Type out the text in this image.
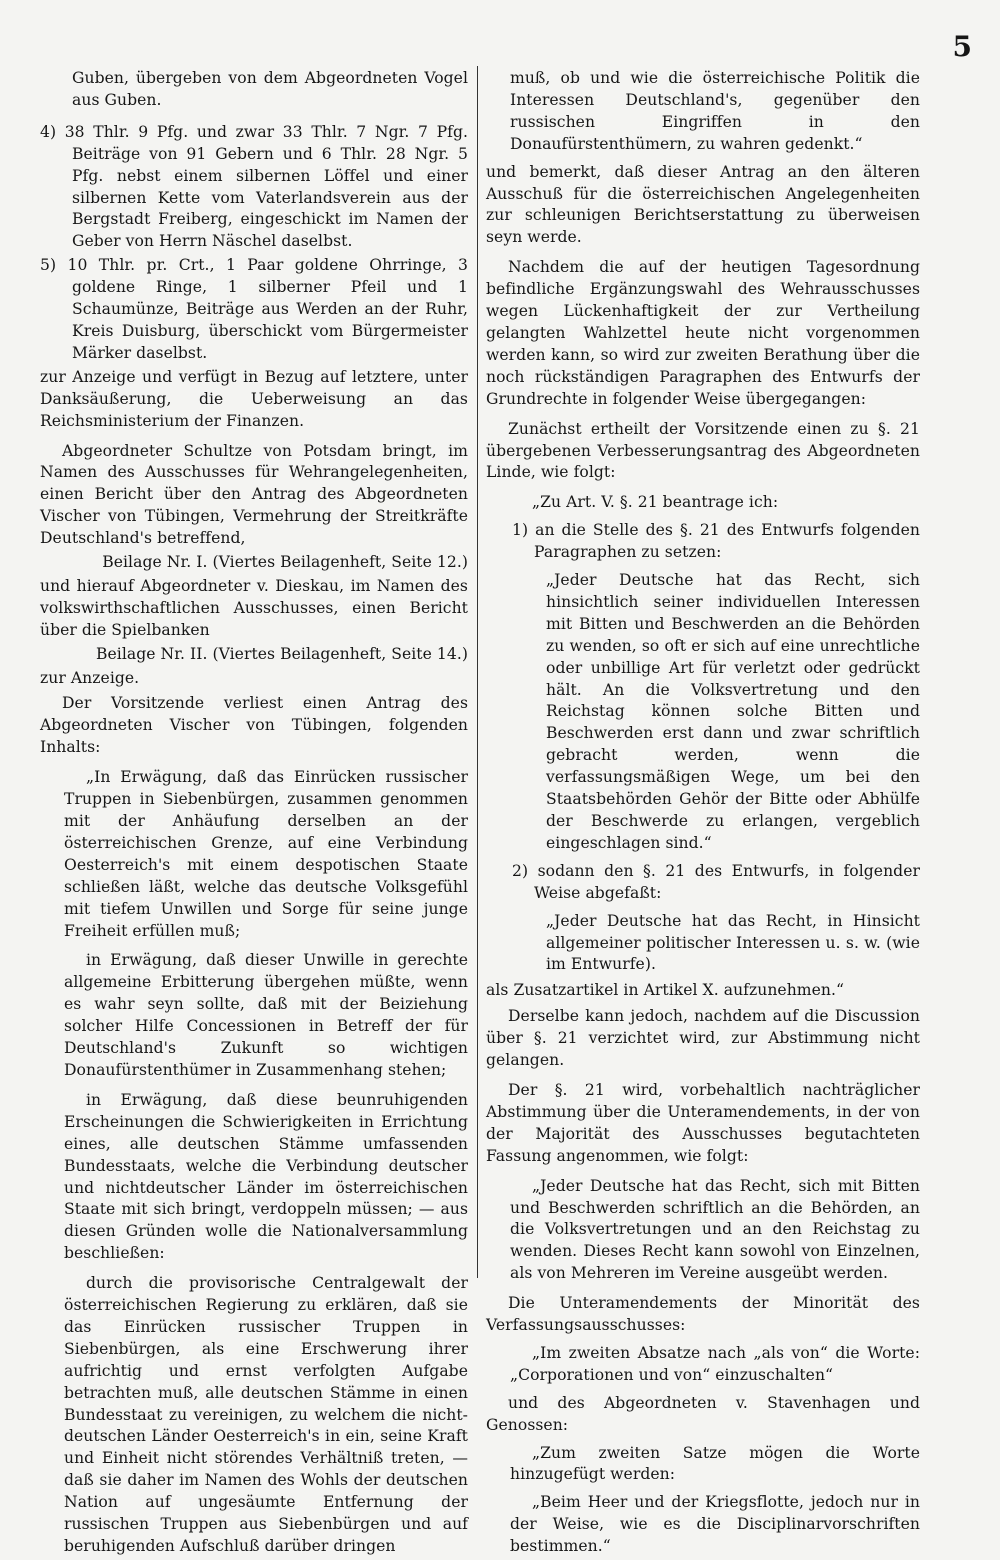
5

Guben, übergeben von dem Abgeordneten Vogel aus Guben.

4) 38 Thlr. 9 Pfg. und zwar 33 Thlr. 7 Ngr. 7 Pfg. Beiträge von 91 Gebern und 6 Thlr. 28 Ngr. 5 Pfg. nebst einem silbernen Löffel und einer silbernen Kette vom Vaterlandsverein aus der Bergstadt Freiberg, eingeschickt im Namen der Geber von Herrn Näschel daselbst.

5) 10 Thlr. pr. Crt., 1 Paar goldene Ohrringe, 3 goldene Ringe, 1 silberner Pfeil und 1 Schaumünze, Beiträge aus Werden an der Ruhr, Kreis Duisburg, überschickt vom Bürgermeister Märker daselbst.

zur Anzeige und verfügt in Bezug auf letztere, unter Danksäußerung, die Ueberweisung an das Reichsministerium der Finanzen.

Abgeordneter Schultze von Potsdam bringt, im Namen des Ausschusses für Wehrangelegenheiten, einen Bericht über den Antrag des Abgeordneten Vischer von Tübingen, Vermehrung der Streitkräfte Deutschland's betreffend,

Beilage Nr. I. (Viertes Beilagenheft, Seite 12.)

und hierauf Abgeordneter v. Dieskau, im Namen des volkswirthschaftlichen Ausschusses, einen Bericht über die Spielbanken

Beilage Nr. II. (Viertes Beilagenheft, Seite 14.)

zur Anzeige.

Der Vorsitzende verliest einen Antrag des Abgeordneten Vischer von Tübingen, folgenden Inhalts:

„In Erwägung, daß das Einrücken russischer Truppen in Siebenbürgen, zusammen genommen mit der Anhäufung derselben an der österreichischen Grenze, auf eine Verbindung Oesterreich's mit einem despotischen Staate schließen läßt, welche das deutsche Volksgefühl mit tiefem Unwillen und Sorge für seine junge Freiheit erfüllen muß;

in Erwägung, daß dieser Unwille in gerechte allgemeine Erbitterung übergehen müßte, wenn es wahr seyn sollte, daß mit der Beiziehung solcher Hilfe Concessionen in Betreff der für Deutschland's Zukunft so wichtigen Donaufürstenthümer in Zusammenhang stehen;

in Erwägung, daß diese beunruhigenden Erscheinungen die Schwierigkeiten in Errichtung eines, alle deutschen Stämme umfassenden Bundesstaats, welche die Verbindung deutscher und nichtdeutscher Länder im österreichischen Staate mit sich bringt, verdoppeln müssen; — aus diesen Gründen wolle die Nationalversammlung beschließen:

durch die provisorische Centralgewalt der österreichischen Regierung zu erklären, daß sie das Einrücken russischer Truppen in Siebenbürgen, als eine Erschwerung ihrer aufrichtig und ernst verfolgten Aufgabe betrachten muß, alle deutschen Stämme in einen Bundesstaat zu vereinigen, zu welchem die nicht-deutschen Länder Oesterreich's in ein, seine Kraft und Einheit nicht störendes Verhältniß treten, — daß sie daher im Namen des Wohls der deutschen Nation auf ungesäumte Entfernung der russischen Truppen aus Siebenbürgen und auf beruhigenden Aufschluß darüber dringen

muß, ob und wie die österreichische Politik die Interessen Deutschland's, gegenüber den russischen Eingriffen in den Donaufürstenthümern, zu wahren gedenkt.“

und bemerkt, daß dieser Antrag an den älteren Ausschuß für die österreichischen Angelegenheiten zur schleunigen Berichtserstattung zu überweisen seyn werde.

Nachdem die auf der heutigen Tagesordnung befindliche Ergänzungswahl des Wehrausschusses wegen Lückenhaftigkeit der zur Vertheilung gelangten Wahlzettel heute nicht vorgenommen werden kann, so wird zur zweiten Berathung über die noch rückständigen Paragraphen des Entwurfs der Grundrechte in folgender Weise übergegangen:

Zunächst ertheilt der Vorsitzende einen zu §. 21 übergebenen Verbesserungsantrag des Abgeordneten Linde, wie folgt:

„Zu Art. V. §. 21 beantrage ich:

1) an die Stelle des §. 21 des Entwurfs folgenden Paragraphen zu setzen:

„Jeder Deutsche hat das Recht, sich hinsichtlich seiner individuellen Interessen mit Bitten und Beschwerden an die Behörden zu wenden, so oft er sich auf eine unrechtliche oder unbillige Art für verletzt oder gedrückt hält. An die Volksvertretung und den Reichstag können solche Bitten und Beschwerden erst dann und zwar schriftlich gebracht werden, wenn die verfassungsmäßigen Wege, um bei den Staatsbehörden Gehör der Bitte oder Abhülfe der Beschwerde zu erlangen, vergeblich eingeschlagen sind.“

2) sodann den §. 21 des Entwurfs, in folgender Weise abgefaßt:

„Jeder Deutsche hat das Recht, in Hinsicht allgemeiner politischer Interessen u. s. w. (wie im Entwurfe).

als Zusatzartikel in Artikel X. aufzunehmen.“

Derselbe kann jedoch, nachdem auf die Discussion über §. 21 verzichtet wird, zur Abstimmung nicht gelangen.

Der §. 21 wird, vorbehaltlich nachträglicher Abstimmung über die Unteramendements, in der von der Majorität des Ausschusses begutachteten Fassung angenommen, wie folgt:

„Jeder Deutsche hat das Recht, sich mit Bitten und Beschwerden schriftlich an die Behörden, an die Volksvertretungen und an den Reichstag zu wenden. Dieses Recht kann sowohl von Einzelnen, als von Mehreren im Vereine ausgeübt werden.

Die Unteramendements der Minorität des Verfassungsausschusses:

„Im zweiten Absatze nach „als von“ die Worte: „Corporationen und von“ einzuschalten“

und des Abgeordneten v. Stavenhagen und Genossen:

„Zum zweiten Satze mögen die Worte hinzugefügt werden:

„Beim Heer und der Kriegsflotte, jedoch nur in der Weise, wie es die Disciplinarvorschriften bestimmen.“
